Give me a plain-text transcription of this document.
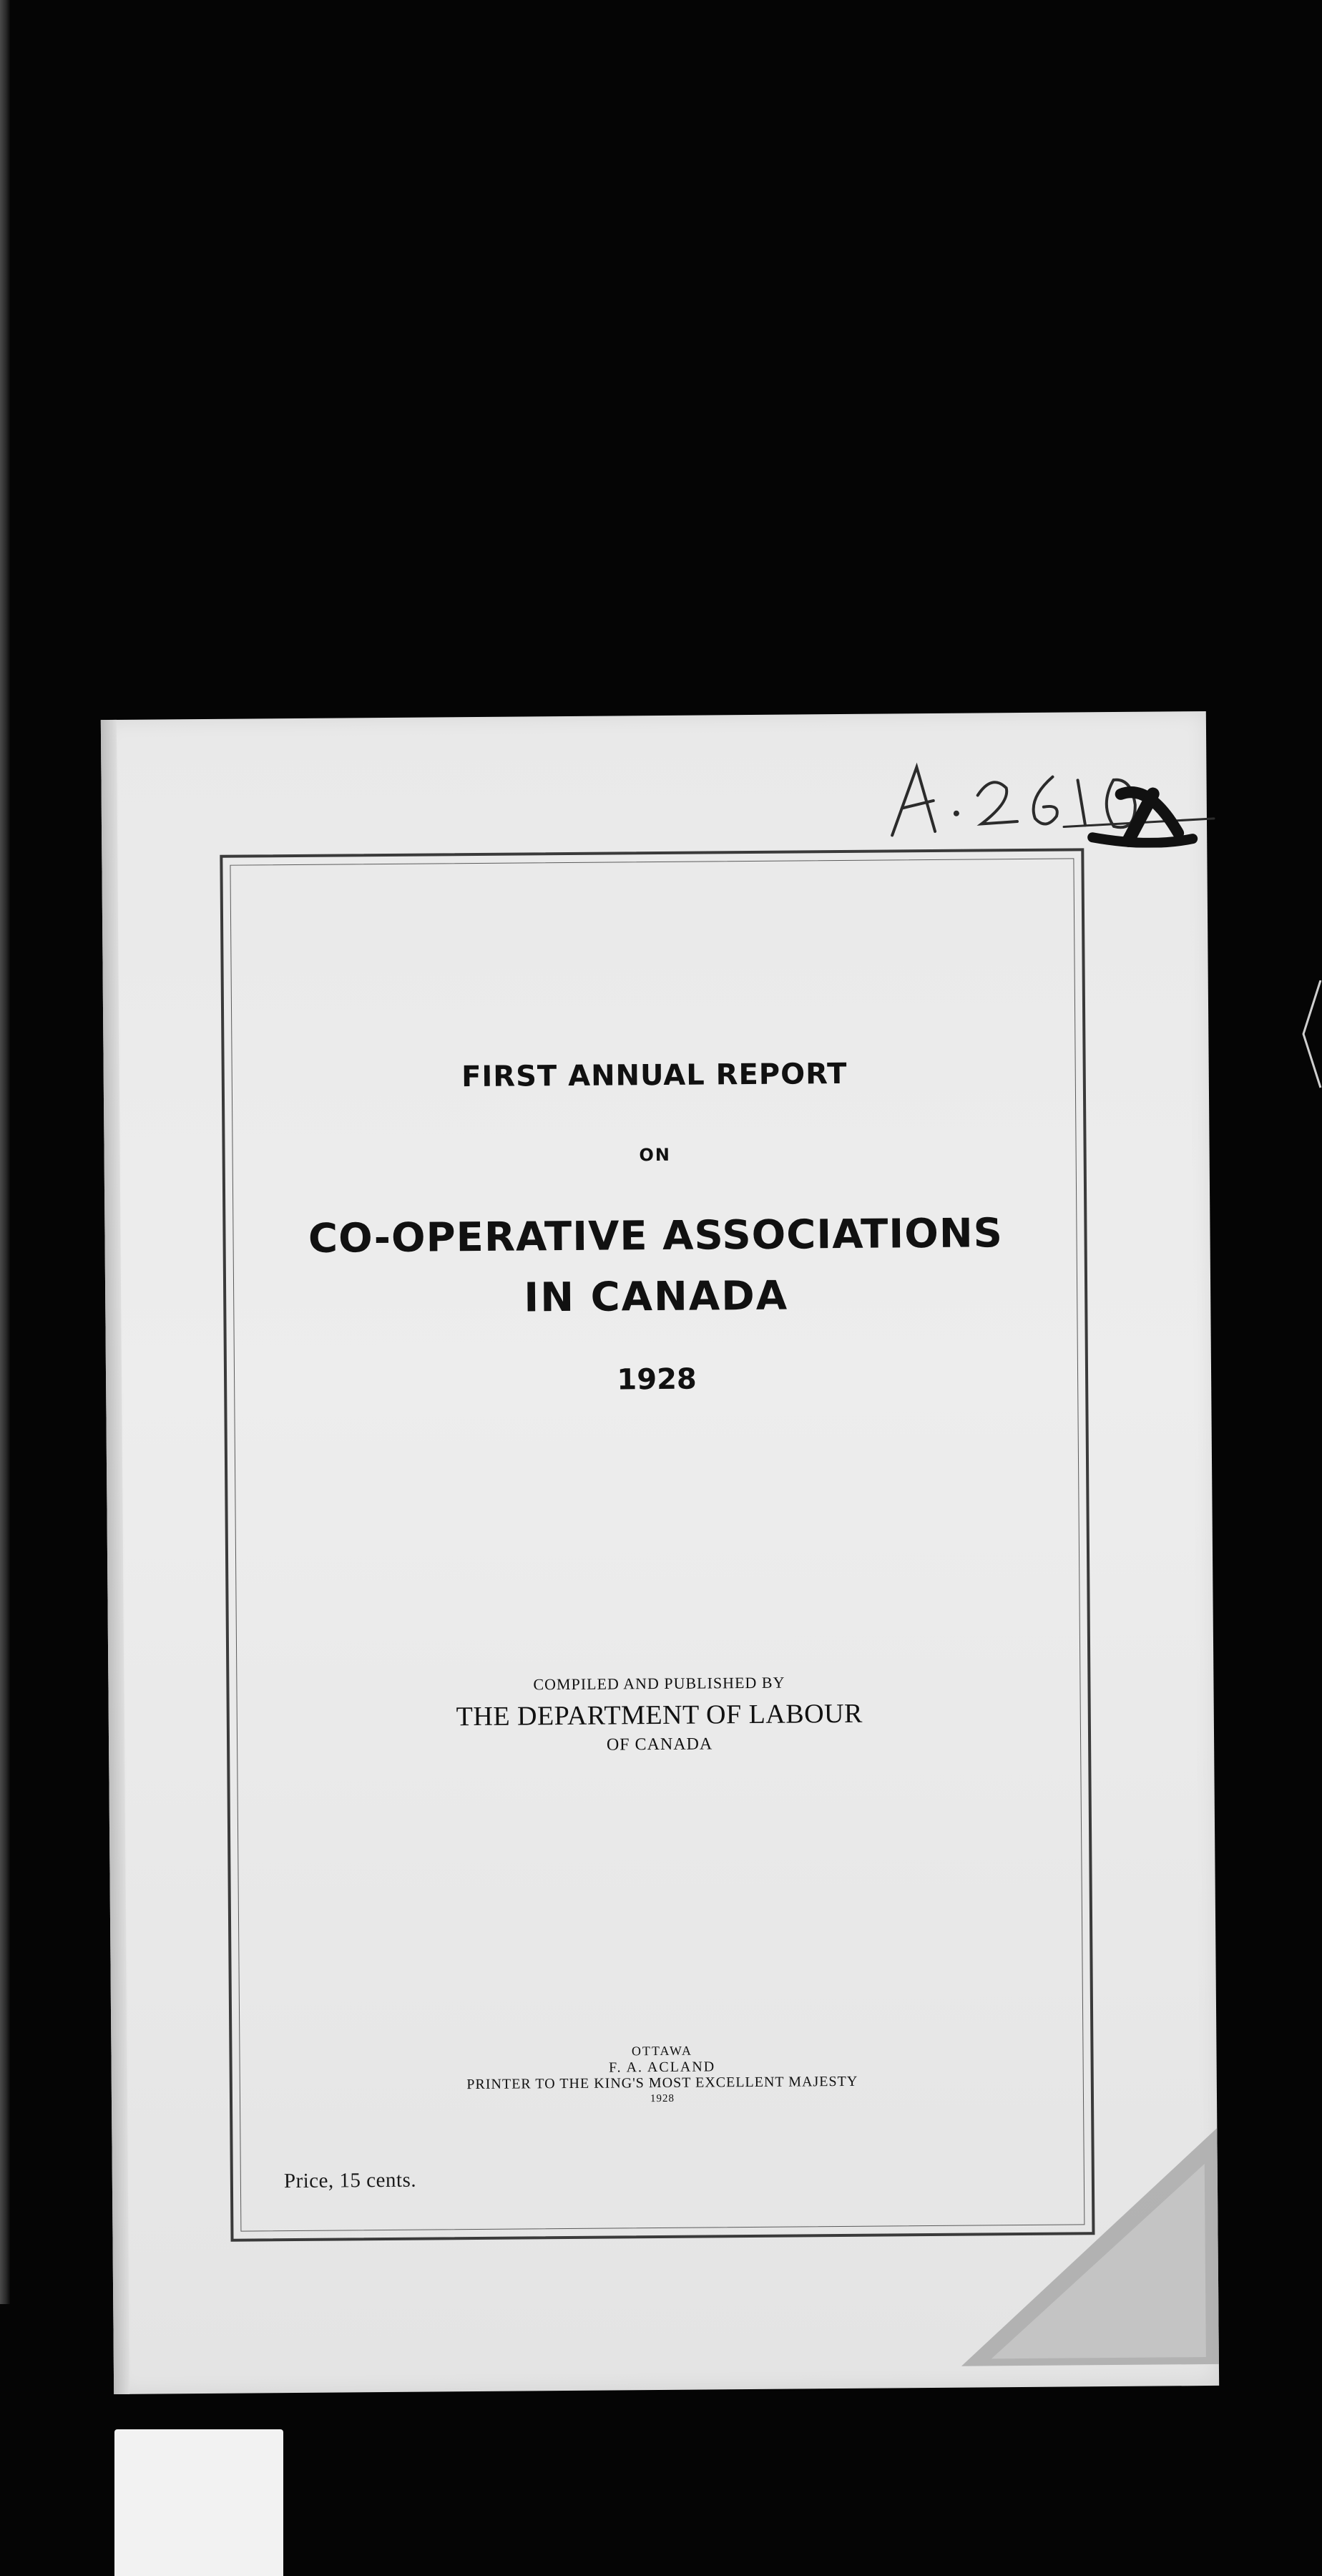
FIRST ANNUAL REPORT
ON
CO-OPERATIVE ASSOCIATIONS
IN CANADA
1928
COMPILED AND PUBLISHED BY
THE DEPARTMENT OF LABOUR
OF CANADA
OTTAWA
F. A. ACLAND
PRINTER TO THE KING'S MOST EXCELLENT MAJESTY
1928
Price, 15 cents.
